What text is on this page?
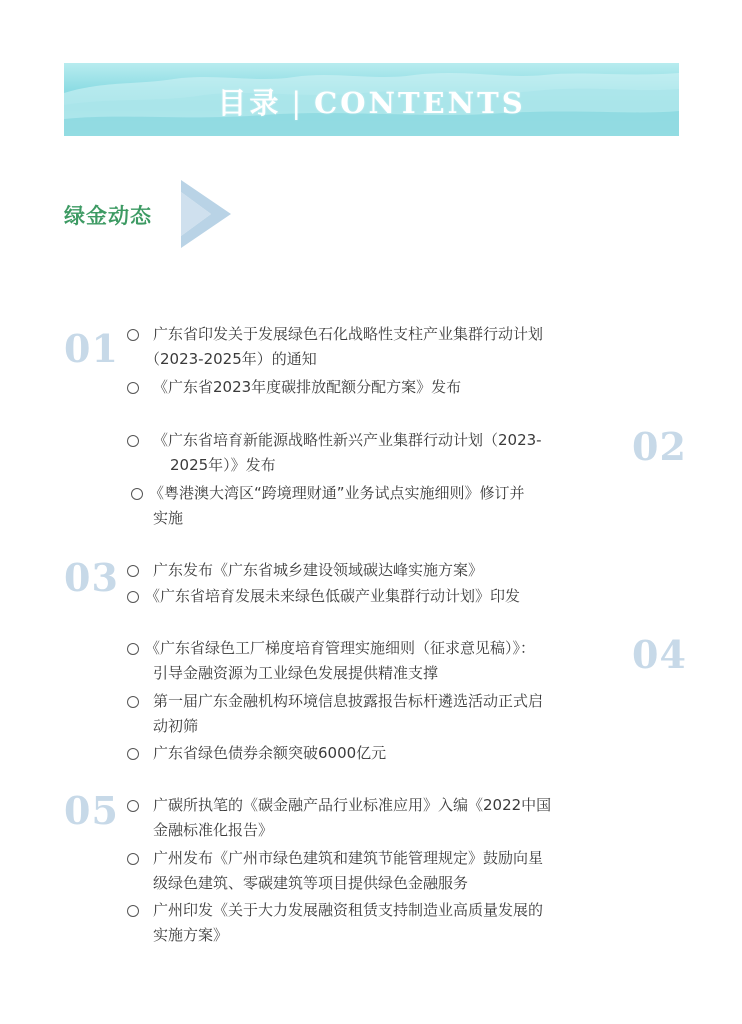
目录 | CONTENTS
绿金动态
01	广东省印发关于发展绿色石化战略性支柱产业集群行动计划
（2023-2025年）的通知
《广东省2023年度碳排放配额分配方案》发布
02
《广东省培育新能源战略性新兴产业集群行动计划（2023-
2025年）》发布
《粤港澳大湾区“跨境理财通”业务试点实施细则》修订并
实施
03	广东发布《广东省城乡建设领域碳达峰实施方案》
《广东省培育发展未来绿色低碳产业集群行动计划》印发
04
《广东省绿色工厂梯度培育管理实施细则（征求意见稿）》：
引导金融资源为工业绿色发展提供精准支撑
第一届广东金融机构环境信息披露报告标杆遴选活动正式启
动初筛
广东省绿色债券余额突破6000亿元
05	广碳所执笔的《碳金融产品行业标准应用》入编《2022中国
金融标准化报告》
广州发布《广州市绿色建筑和建筑节能管理规定》鼓励向星
级绿色建筑、零碳建筑等项目提供绿色金融服务
广州印发《关于大力发展融资租赁支持制造业高质量发展的
实施方案》
